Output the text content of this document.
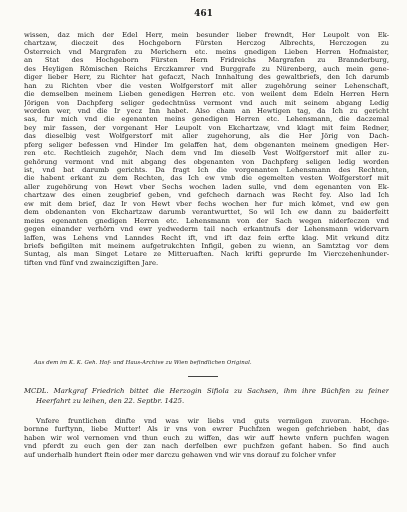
461
wissen, daz mich der Edel Herr, mein besunder lieber frewndt, Her Leupolt von Ek-
chartzaw, dieczeit des Hochgeborn Fürsten Herczog Albrechts, Herczogen zu
Österreich vnd Margrafen zu Merichern etc. meins gnedigen Lieben Herren Hofmaister,
an Stat des Hochgeborn Fürsten Hern Fridreichs Margrafen zu Brannderburg,
des Heyligen Römischen Reichs Erczkamrer vnd Burggrafe zu Nürenberg, auch mein gene-
diger lieber Herr, zu Richter hat gefaczt, Nach Innhaltung des gewaltbriefs, den Ich darumb
han zu Richten vber die vesten Wolfgerstorf mit aller zugehörung seiner Lehenschaft,
die demselben meinem Lieben genedigen Herren etc. von weilent dem Edeln Herren Hern
Jörigen von Dachpferg seliger gedechtnüss vermont vnd auch mit seinem abgang Ledig
worden wer, vnd die Ir yecz Inn habet. Also cham an Hewtigen tag, da Ich zu gericht
sas, fur mich vnd die egenanten meins genedigen Herren etc. Lehensmann, die daczemal
bey mir fassen, der vorgenant Her Leupolt von Ekchartzaw, vnd klagt mit feim Redner,
das dieselbig vest Wolfgerstorf mit aller zugehorung, als die Her Jörig von Dach-
pferg seliger befessen vnd Hinder Im gelaffen hat, dem obgenanten meinem gnedigen Her-
ren etc. Rechtleich zugehör, Nach dem vnd Im dieselb Vest Wolfgerstorf mit aller zu-
gehörung vermont vnd mit abgang des obgenanten von Dachpferg seligen ledig worden
ist, vnd bat darumb gerichts. Da fragt Ich die vorgenanten Lehensmann des Rechten,
die habent erkant zu dem Rechten, das Ich ew vmb die egemelten vesten Wolfgerstorf mit
aller zugehörung von Hewt vber Sechs wochen laden sulle, vnd dem egenanten von Ek-
chartzaw des einen zeugbrief geben, vnd gefchech darnach was Recht fey. Also lad Ich
ew mit dem brief, daz Ir von Hewt vber fechs wochen her fur mich kömet, vnd ew gen
dem obdenanten von Ekchartzaw darumb verantwurttet, So wil Ich ew dann zu baiderfeitt
meins egenanten gnedigen Herren etc. Lehensmann von der Sach wegen niderfeczen vnd
gegen einander verhörn vnd ewr yedwederm tail nach erkantnufs der Lehensmann widervarn
laffen, was Lehens vnd Lanndes Recht ift, vnd ift daz fein erfte klag. Mit vrkund ditz
briefs befigilten mit meinem aufgetrukchten Infigil, geben zu wienn, an Samtztag vor dem
Suntag, als man Singet Letare ze Mitteruaften. Nach krifti geprurde Im Vierczehenhunder-
tiften vnd fünf vnd zwainczigiften Jare.
Aus dem im K. K. Geh. Hof- und Haus-Archive zu Wien befindlichen Original.
MCDL. Markgraf Friedrich bittet die Herzogin Sifiola zu Sachsen, ihm ihre Büchfen zu feiner
Heerfahrt zu leihen, den 22. Septbr. 1425.
Vnfere fruntlichen dinfte vnd was wir liebs vnd guts vermügen zuvoran. Hochge-
bornne furftynn, liebe Mutter! Als ir vns von ewrer Puchfzen wegen gefchrieben habt, das
haben wir wol vernomen vnd thun euch zu wiffen, das wir auff hewte vnfern puchfen wagen
vnd pferdt zu euch gen der zan nach derfelben ewr puchfzen gefant haben. So find auch
auf underhalb hundert ftein oder mer darczu gehawen vnd wir vns dorauf zu folcher vnfer
